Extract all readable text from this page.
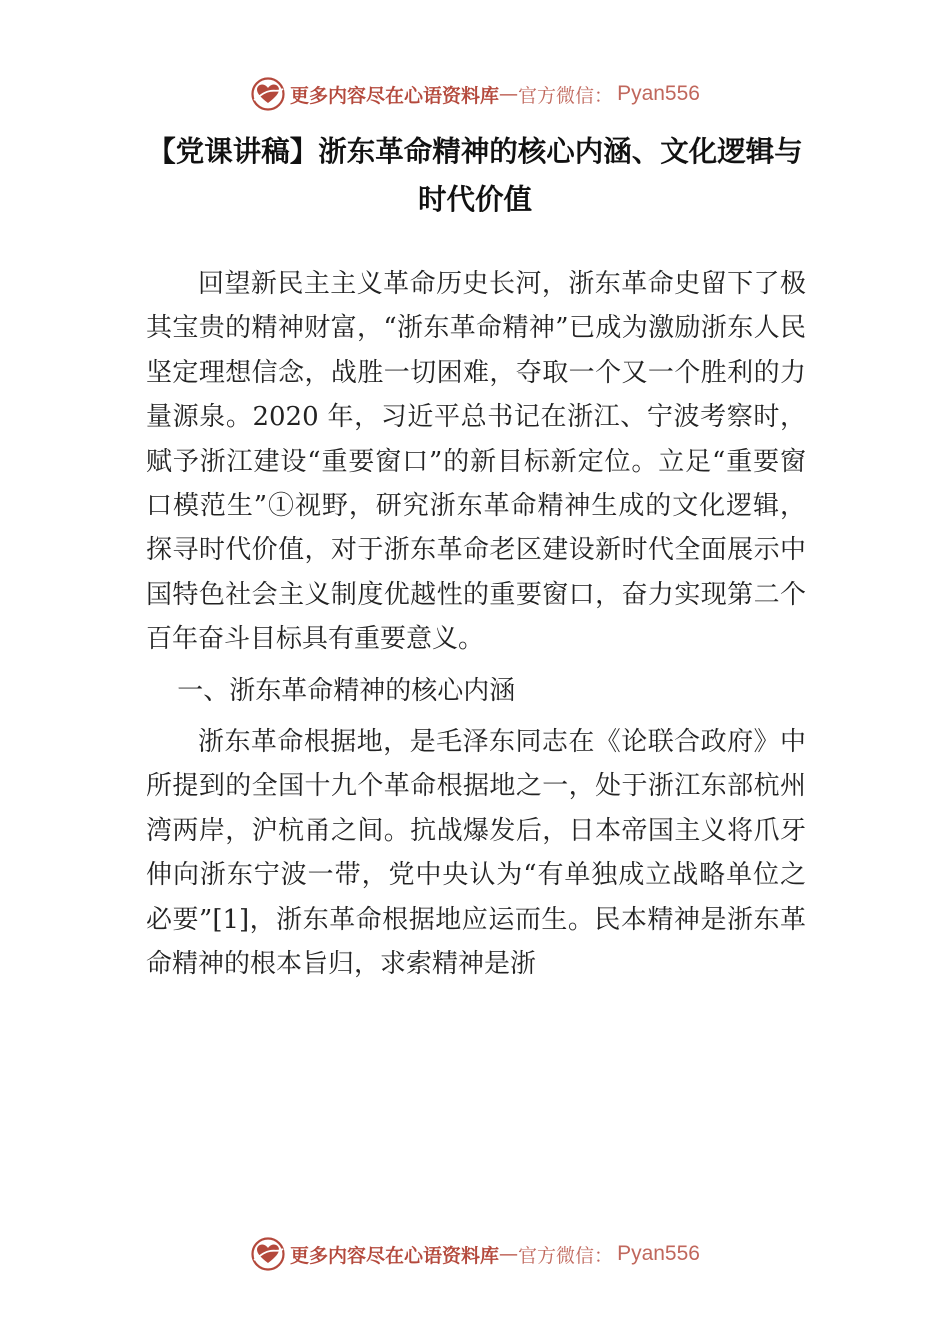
更多内容尽在心语资料库 — 官方微信： Pyan556
【党课讲稿】浙东革命精神的核心内涵、文化逻辑与时代价值

回望新民主主义革命历史长河，浙东革命史留下了极其宝贵的精神财富，“浙东革命精神”已成为激励浙东人民坚定理想信念，战胜一切困难，夺取一个又一个胜利的力量源泉。2020 年，习近平总书记在浙江、宁波考察时，赋予浙江建设“重要窗口”的新目标新定位。立足“重要窗口模范生”①视野，研究浙东革命精神生成的文化逻辑，探寻时代价值，对于浙东革命老区建设新时代全面展示中国特色社会主义制度优越性的重要窗口，奋力实现第二个百年奋斗目标具有重要意义。

一、浙东革命精神的核心内涵

浙东革命根据地，是毛泽东同志在《论联合政府》中所提到的全国十九个革命根据地之一，处于浙江东部杭州湾两岸，沪杭甬之间。抗战爆发后，日本帝国主义将爪牙伸向浙东宁波一带，党中央认为“有单独成立战略单位之必要”[1]，浙东革命根据地应运而生。民本精神是浙东革命精神的根本旨归，求索精神是浙

更多内容尽在心语资料库 — 官方微信： Pyan556
